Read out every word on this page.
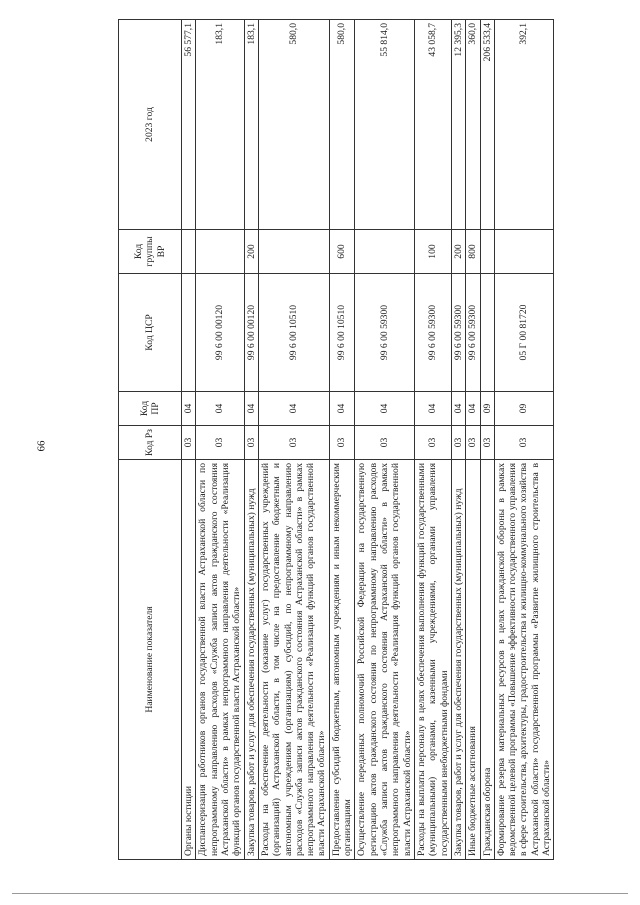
66
Наименование показателя	Код Рз	Код ПР	Код ЦСР	Код группы ВР	2023 год
Органы юстиции	03	04			56 577,1
Диспансеризация работников органов государственной власти Астраханской области по непрограммному направлению расходов «Служба записи актов гражданского состояния Астраханской области» в рамках непрограммного направления деятельности «Реализация функций органов государственной власти Астраханской области»	03	04	99 6 00 00120		183,1
Закупка товаров, работ и услуг для обеспечения государственных (муниципальных) нужд	03	04	99 6 00 00120	200	183,1
Расходы на обеспечение деятельности (оказание услуг) государственных учреждений (организаций) Астраханской области, в том числе на предоставление бюджетным и автономным учреждениям (организациям) субсидий, по непрограммному направлению расходов «Служба записи актов гражданского состояния Астраханской области» в рамках непрограммного направления деятельности «Реализация функций органов государственной власти Астраханской области»	03	04	99 6 00 10510		580,0
Предоставление субсидий бюджетным, автономным учреждениям и иным некоммерческим организациям	03	04	99 6 00 10510	600	580,0
Осуществление переданных полномочий Российской Федерации на государственную регистрацию актов гражданского состояния по непрограммному направлению расходов «Служба записи актов гражданского состояния Астраханской области» в рамках непрограммного направления деятельности «Реализация функций органов государственной власти Астраханской области»	03	04	99 6 00 59300		55 814,0
Расходы на выплаты персоналу в целях обеспечения выполнения функций государственными (муниципальными) органами, казенными учреждениями, органами управления государственными внебюджетными фондами	03	04	99 6 00 59300	100	43 058,7
Закупка товаров, работ и услуг для обеспечения государственных (муниципальных) нужд	03	04	99 6 00 59300	200	12 395,3
Иные бюджетные ассигнования	03	04	99 6 00 59300	800	360,0
Гражданская оборона	03	09			206 533,4
Формирование резерва материальных ресурсов в целях гражданской обороны в рамках ведомственной целевой программы «Повышение эффективности государственного управления в сфере строительства, архитектуры, градостроительства и жилищно-коммунального хозяйства Астраханской области» государственной программы «Развитие жилищного строительства в Астраханской области»	03	09	05 Г 00 81720		392,1
